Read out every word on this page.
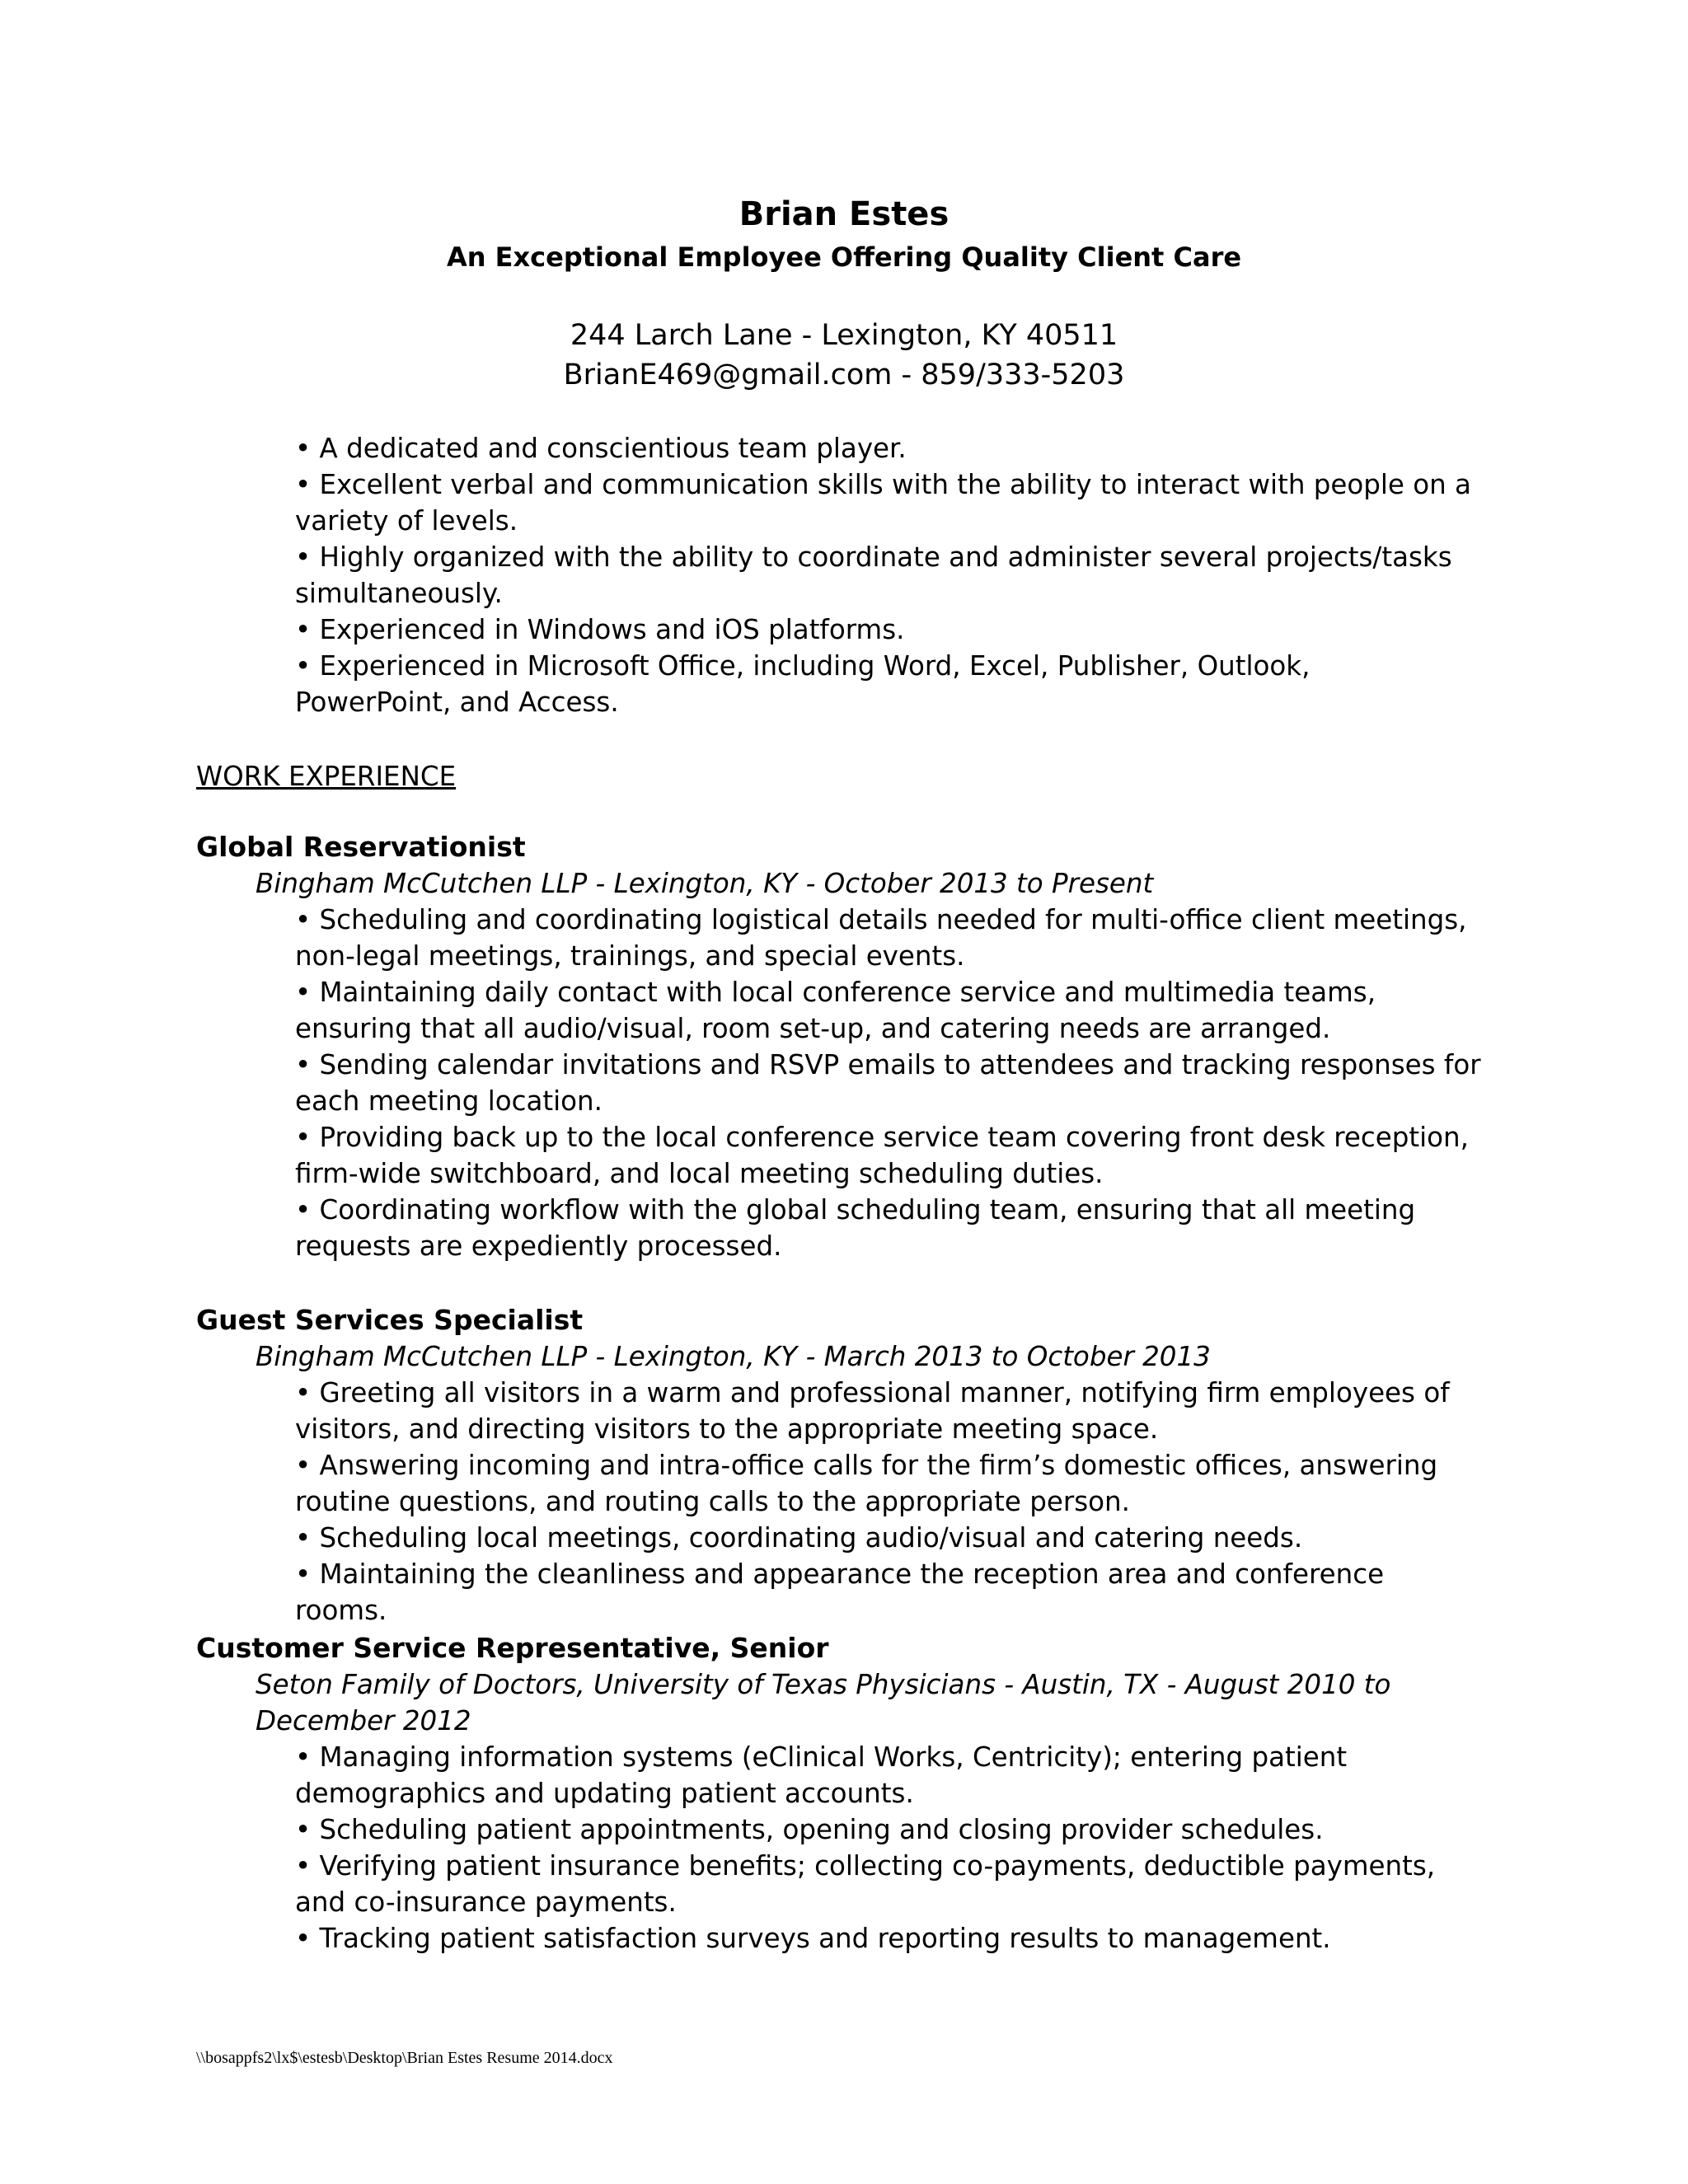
Brian Estes
An Exceptional Employee Offering Quality Client Care
244 Larch Lane - Lexington, KY 40511
BrianE469@gmail.com - 859/333-5203
• A dedicated and conscientious team player.
• Excellent verbal and communication skills with the ability to interact with people on a variety of levels.
• Highly organized with the ability to coordinate and administer several projects/tasks simultaneously.
• Experienced in Windows and iOS platforms.
• Experienced in Microsoft Office, including Word, Excel, Publisher, Outlook, PowerPoint, and Access.
WORK EXPERIENCE
Global Reservationist
Bingham McCutchen LLP - Lexington, KY - October 2013 to Present
• Scheduling and coordinating logistical details needed for multi-office client meetings, non-legal meetings, trainings, and special events.
• Maintaining daily contact with local conference service and multimedia teams, ensuring that all audio/visual, room set-up, and catering needs are arranged.
• Sending calendar invitations and RSVP emails to attendees and tracking responses for each meeting location.
• Providing back up to the local conference service team covering front desk reception, firm-wide switchboard, and local meeting scheduling duties.
• Coordinating workflow with the global scheduling team, ensuring that all meeting requests are expediently processed.
Guest Services Specialist
Bingham McCutchen LLP - Lexington, KY - March 2013 to October 2013
• Greeting all visitors in a warm and professional manner, notifying firm employees of visitors, and directing visitors to the appropriate meeting space.
• Answering incoming and intra-office calls for the firm’s domestic offices, answering routine questions, and routing calls to the appropriate person.
• Scheduling local meetings, coordinating audio/visual and catering needs.
• Maintaining the cleanliness and appearance the reception area and conference rooms.
Customer Service Representative, Senior
Seton Family of Doctors, University of Texas Physicians - Austin, TX - August 2010 to December 2012
• Managing information systems (eClinical Works, Centricity); entering patient demographics and updating patient accounts.
• Scheduling patient appointments, opening and closing provider schedules.
• Verifying patient insurance benefits; collecting co-payments, deductible payments, and co-insurance payments.
• Tracking patient satisfaction surveys and reporting results to management.
\\bosappfs2\lx$\estesb\Desktop\Brian Estes Resume 2014.docx
